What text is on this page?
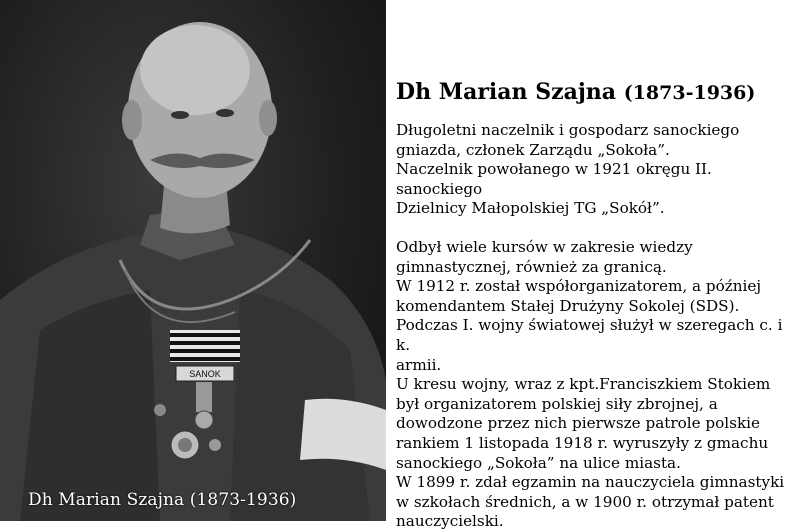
SANOK
Dh Marian Szajna (1873-1936)
Dh Marian Szajna (1873-1936)

Długoletni naczelnik i gospodarz sanockiego

gniazda, członek Zarządu „Sokoła”.

Naczelnik powołanego w 1921 okręgu II. sanockiego

Dzielnicy Małopolskiej TG „Sokół”.

Odbył wiele kursów w zakresie wiedzy

gimnastycznej, również za granicą.

W 1912 r. został współorganizatorem, a później

komendantem Stałej Drużyny Sokolej (SDS).

Podczas I. wojny światowej służył w szeregach c. i k.

armii.

U kresu wojny, wraz z kpt.Franciszkiem Stokiem

był organizatorem polskiej siły zbrojnej, a

dowodzone przez nich pierwsze patrole polskie

rankiem 1 listopada 1918 r. wyruszyły z gmachu

sanockiego „Sokoła” na ulice miasta.

W 1899 r. zdał egzamin na nauczyciela gimnastyki

w szkołach średnich, a w 1900 r. otrzymał patent

nauczycielski.
